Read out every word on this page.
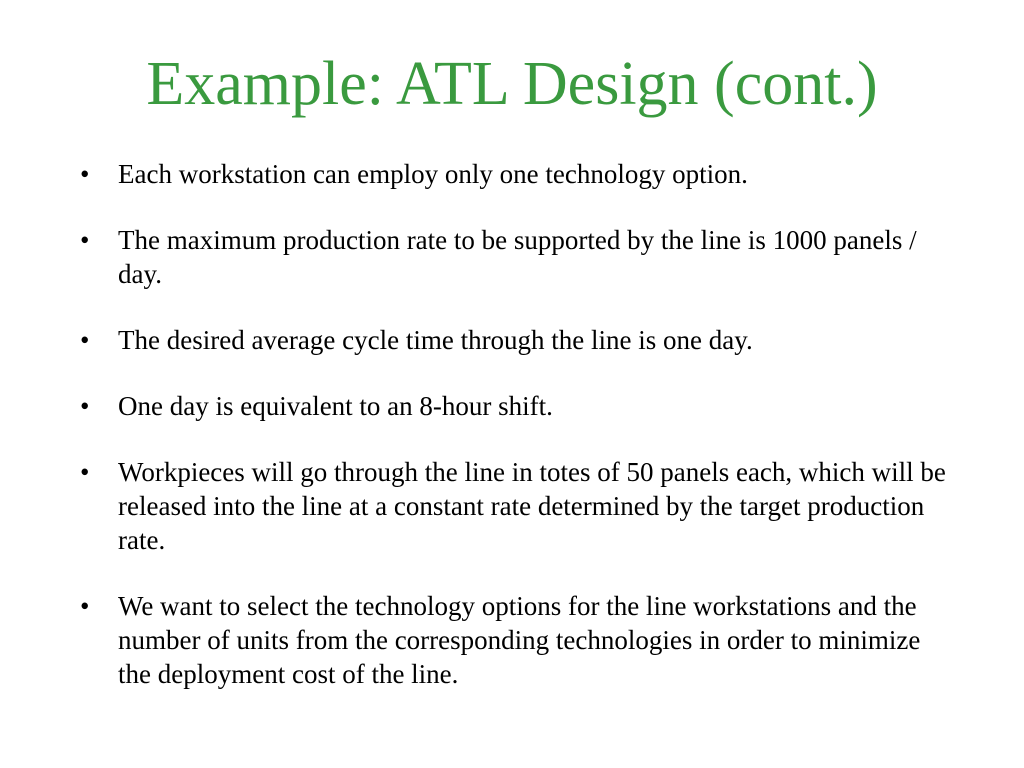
Example: ATL Design (cont.)
•	Each workstation can employ only one technology option.
•	The maximum production rate to be supported by the line is 1000 panels / day.
•	The desired average cycle time through the line is one day.
•	One day is equivalent to an 8-hour shift.
•	Workpieces will go through the line in totes of 50 panels each, which will be released into the line at a constant rate determined by the target production rate.
•	We want to select the technology options for the line workstations and the number of units from the corresponding technologies in order to minimize the deployment cost of the line.
